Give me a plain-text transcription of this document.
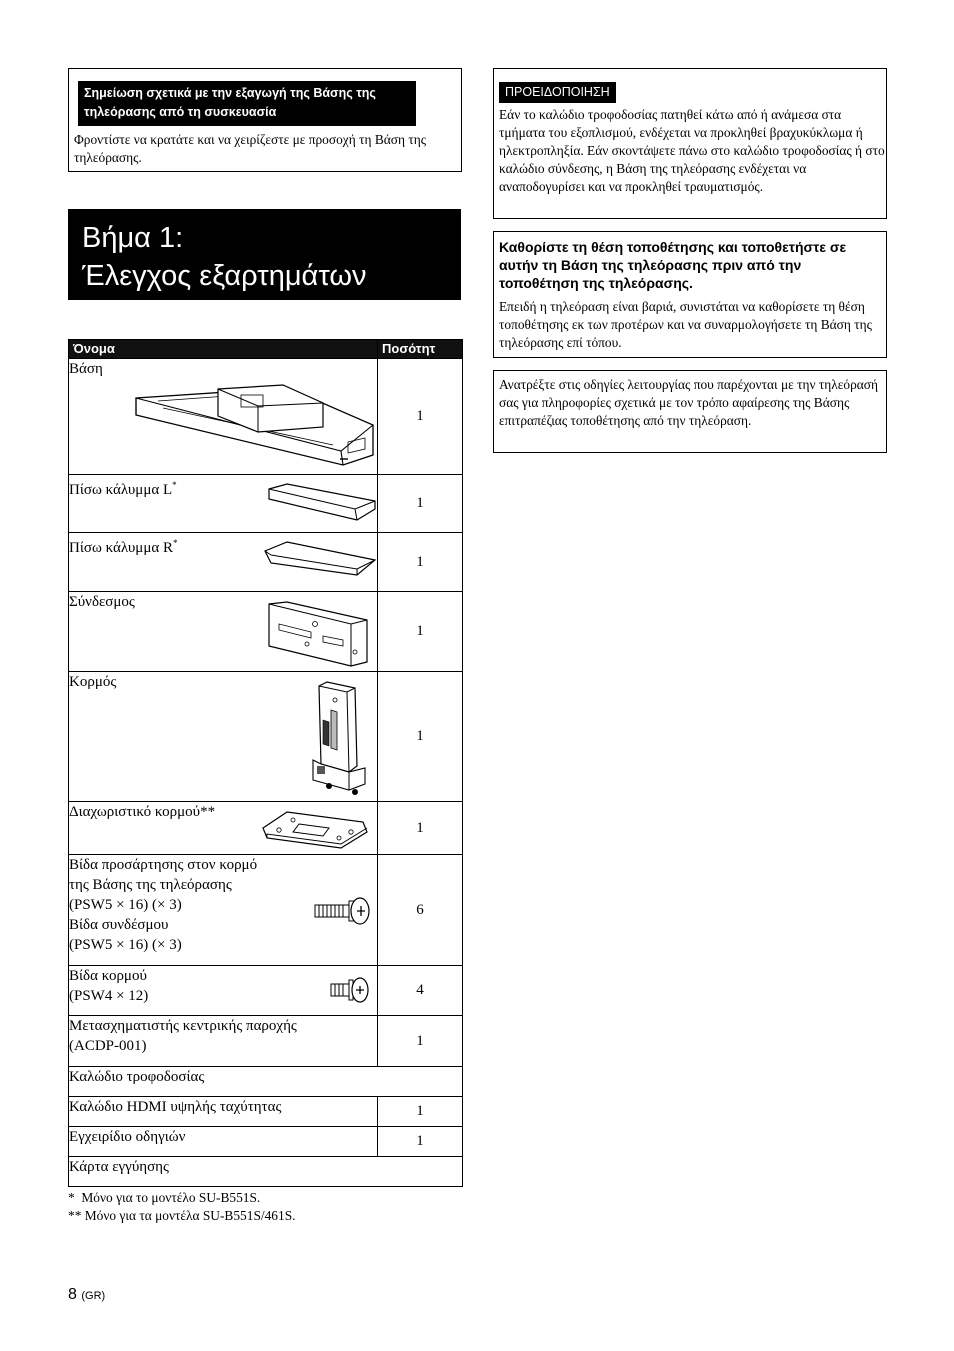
Σημείωση σχετικά με την εξαγωγή της Βάσης της τηλεόρασης από τη συσκευασία
Φροντίστε να κρατάτε και να χειρίζεστε με προσοχή τη Βάση της τηλεόρασης.
Βήμα 1:
Έλεγχος εξαρτημάτων
Όνομα	Ποσότητ
Βάση	1
Πίσω κάλυμμα L*	1
Πίσω κάλυμμα R*	1
Σύνδεσμος	1
Κορμός	1
Διαχωριστικό κορμού**	1

Βίδα προσάρτησης στον κορμό
της Βάσης της τηλεόρασης
(PSW5 × 16) (× 3)
Βίδα συνδέσμου
(PSW5 × 16) (× 3)	6

Βίδα κορμού
(PSW4 × 12)	4

Μετασχηματιστής κεντρικής παροχής
(ACDP-001)	1
Καλώδιο τροφοδοσίας	
Καλώδιο HDMI υψηλής ταχύτητας	1
Εγχειρίδιο οδηγιών	1
Κάρτα εγγύησης	
*  Μόνο για το μοντέλο SU-B551S.
** Μόνο για τα μοντέλα SU-B551S/461S.
8 (GR)
ΠΡΟΕΙΔΟΠΟΙΗΣΗ
Εάν το καλώδιο τροφοδοσίας πατηθεί κάτω από ή ανάμεσα στα τμήματα του εξοπλισμού, ενδέχεται να προκληθεί βραχυκύκλωμα ή ηλεκτροπληξία. Εάν σκοντάψετε πάνω στο καλώδιο τροφοδοσίας ή στο καλώδιο σύνδεσης, η Βάση της τηλεόρασης ενδέχεται να αναποδογυρίσει και να προκληθεί τραυματισμός.
Καθορίστε τη θέση τοποθέτησης και τοποθετήστε σε αυτήν τη Βάση της τηλεόρασης πριν από την τοποθέτηση της τηλεόρασης.
Επειδή η τηλεόραση είναι βαριά, συνιστάται να καθορίσετε τη θέση τοποθέτησης εκ των προτέρων και να συναρμολογήσετε τη Βάση της τηλεόρασης επί τόπου.
Ανατρέξτε στις οδηγίες λειτουργίας που παρέχονται με την τηλεόρασή σας για πληροφορίες σχετικά με τον τρόπο αφαίρεσης της Βάσης επιτραπέζιας τοποθέτησης από την τηλεόραση.
